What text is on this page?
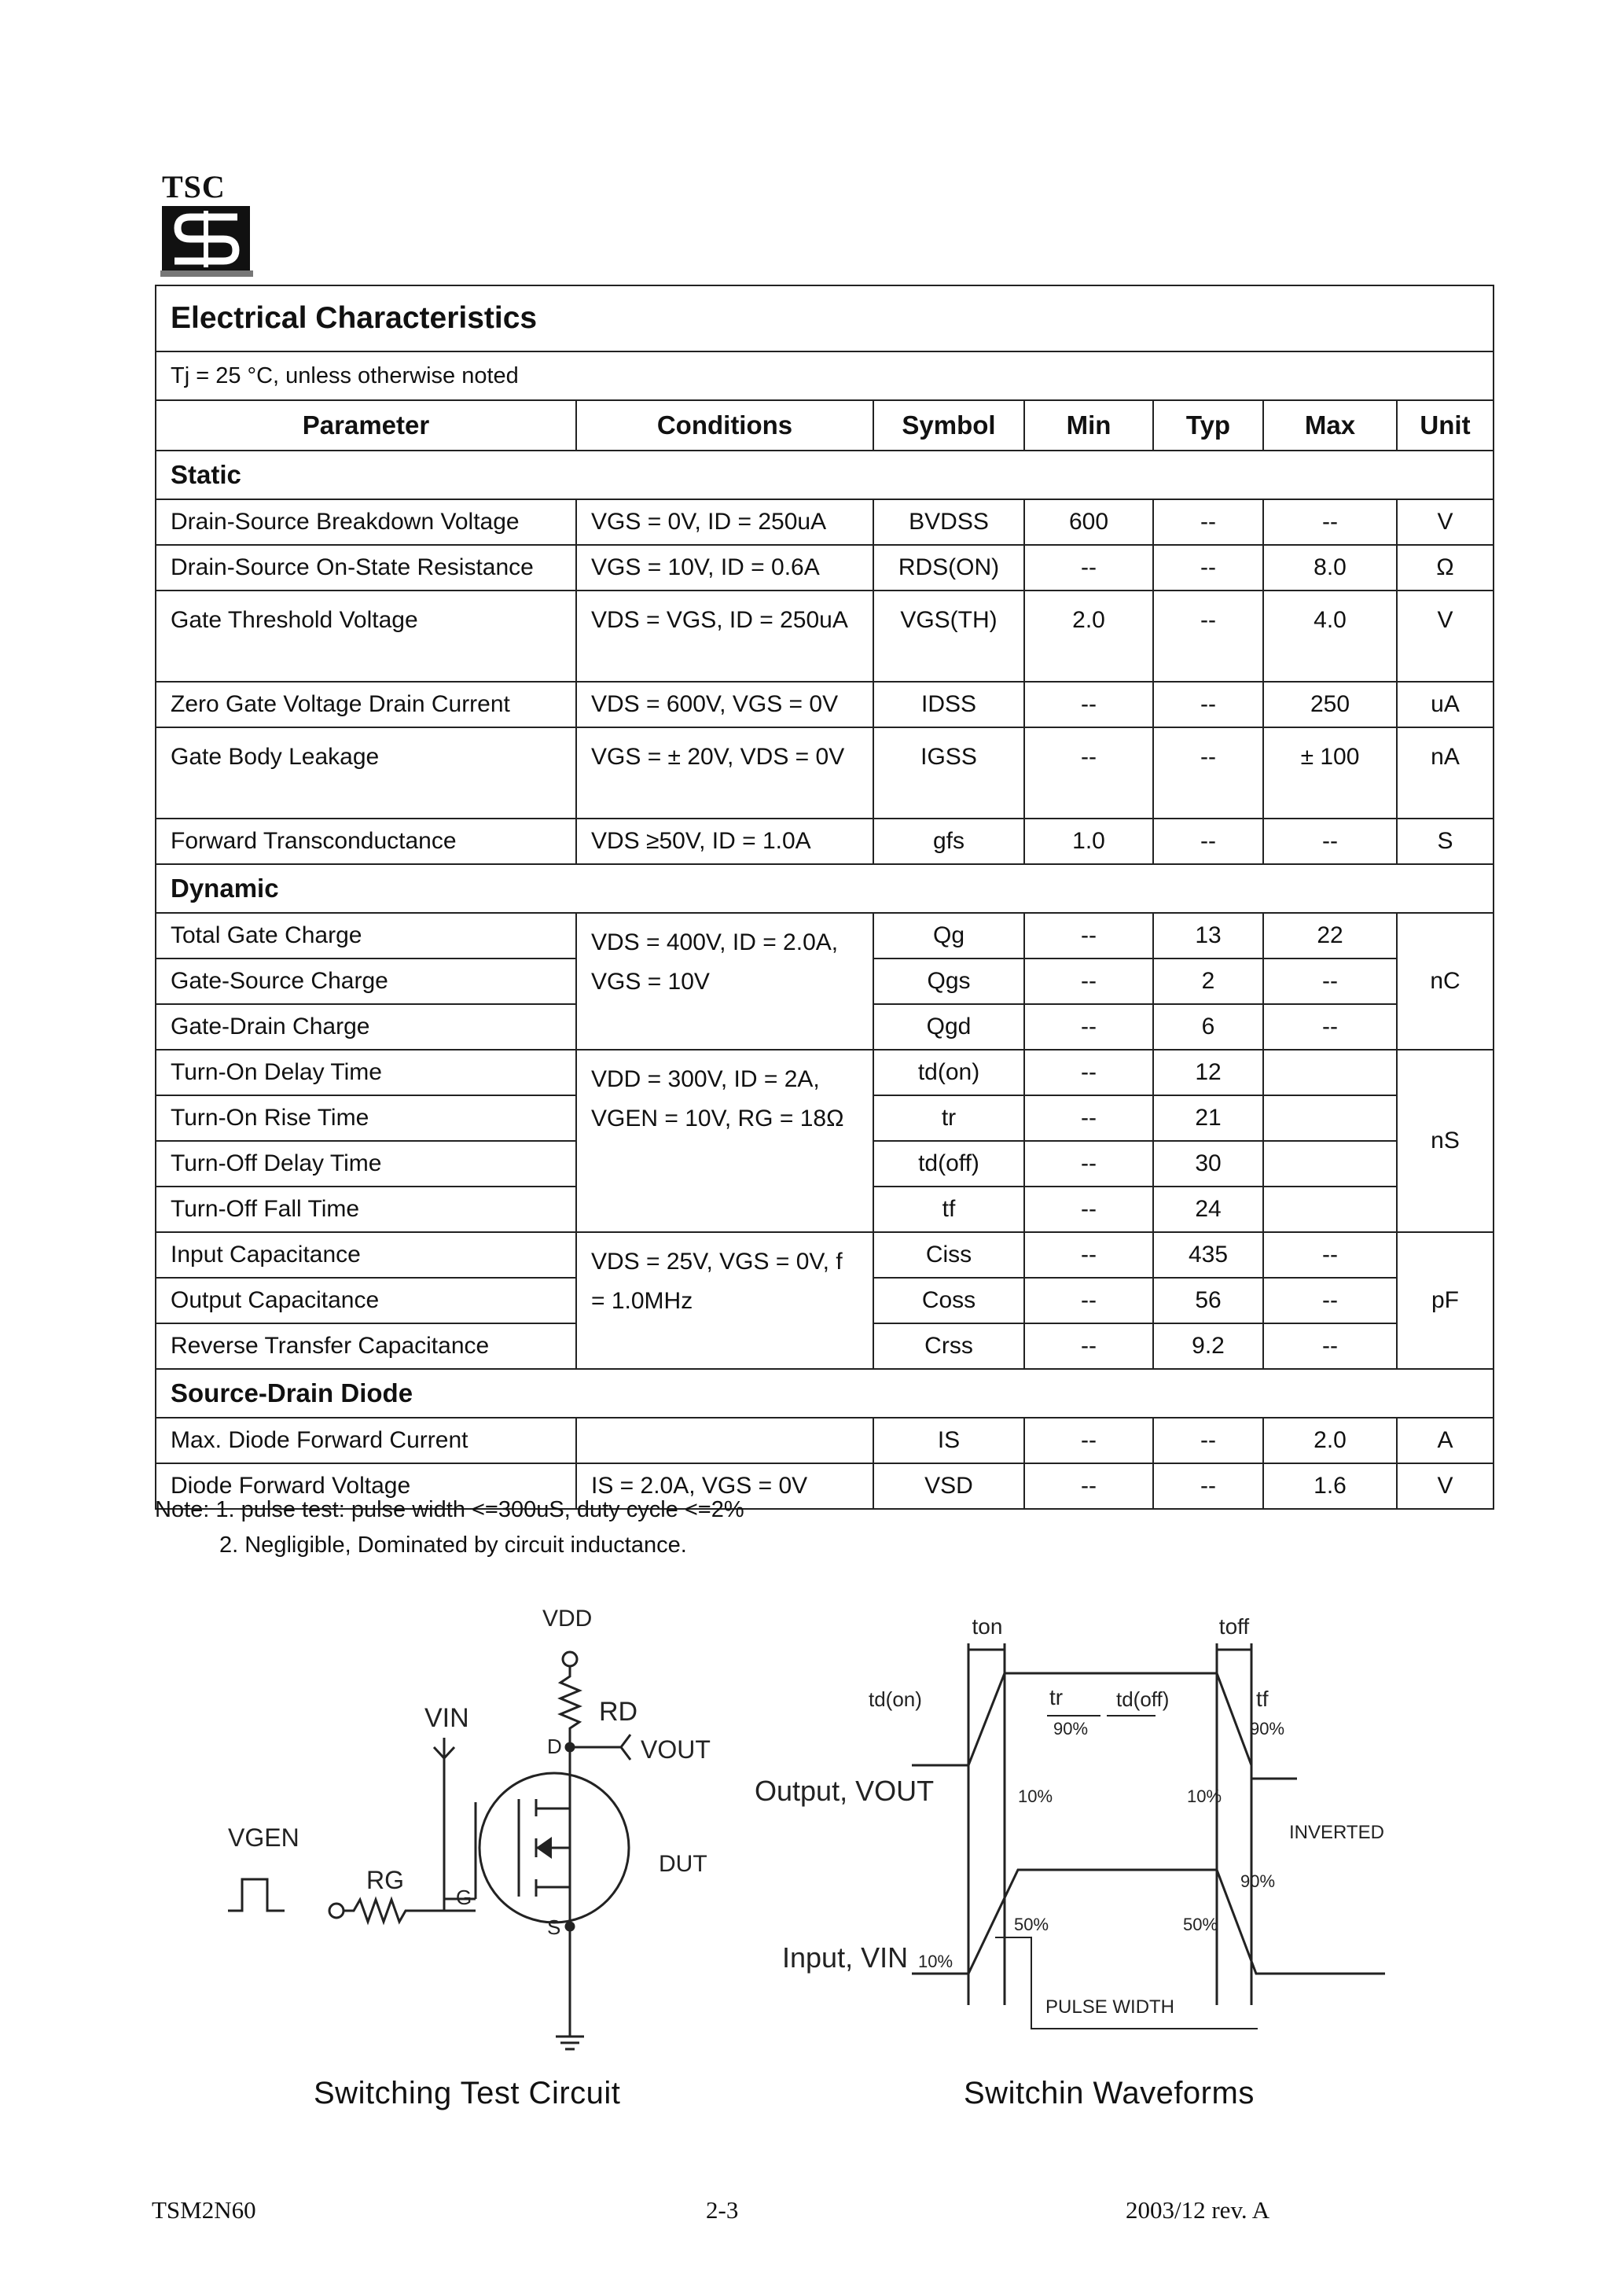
TSC
Electrical Characteristics						
Tj = 25 °C, unless otherwise noted						
Parameter	Conditions	Symbol	Min	Typ	Max	Unit
Static						
Drain-Source Breakdown Voltage	VGS = 0V, ID = 250uA	BVDSS	600	--	--	V
Drain-Source On-State Resistance	VGS = 10V, ID = 0.6A	RDS(ON)	--	--	8.0	Ω
Gate Threshold Voltage	VDS = VGS, ID = 250uA	VGS(TH)	2.0	--	4.0	V
Zero Gate Voltage Drain Current	VDS = 600V, VGS = 0V	IDSS	--	--	250	uA
Gate Body Leakage	VGS = ± 20V, VDS = 0V	IGSS	--	--	± 100	nA
Forward Transconductance	VDS ≥50V, ID = 1.0A	gfs	1.0	--	--	S
Dynamic						
Total Gate Charge	VDS = 400V, ID = 2.0A, VGS = 10V	Qg	--	13	22	nC
Gate-Source Charge		Qgs	--	2	--	
Gate-Drain Charge		Qgd	--	6	--	
Turn-On Delay Time	VDD = 300V, ID = 2A, VGEN = 10V, RG = 18Ω	td(on)	--	12		nS
Turn-On Rise Time		tr	--	21		
Turn-Off Delay Time		td(off)	--	30		
Turn-Off Fall Time		tf	--	24		
Input Capacitance	VDS = 25V, VGS = 0V, f = 1.0MHz	Ciss	--	435	--	pF
Output Capacitance		Coss	--	56	--	
Reverse Transfer Capacitance		Crss	--	9.2	--	
Source-Drain Diode						
Max. Diode Forward Current		IS	--	--	2.0	A
Diode Forward Voltage	IS = 2.0A, VGS = 0V	VSD	--	--	1.6	V
Note: 1. pulse test: pulse width <=300uS, duty cycle <=2%
2. Negligible, Dominated by circuit inductance.
VDD
RD
VIN
VOUT
VGEN
RG
D
G
S
DUT
Switching Test Circuit
ton	toff
td(on)	tr	td(off)	tf
90%	90%
10%	10%
Output, VOUT
INVERTED
90%
50%	50%
Input, VIN 10%
PULSE WIDTH
Switchin Waveforms
TSM2N60	2-3	2003/12 rev. A
